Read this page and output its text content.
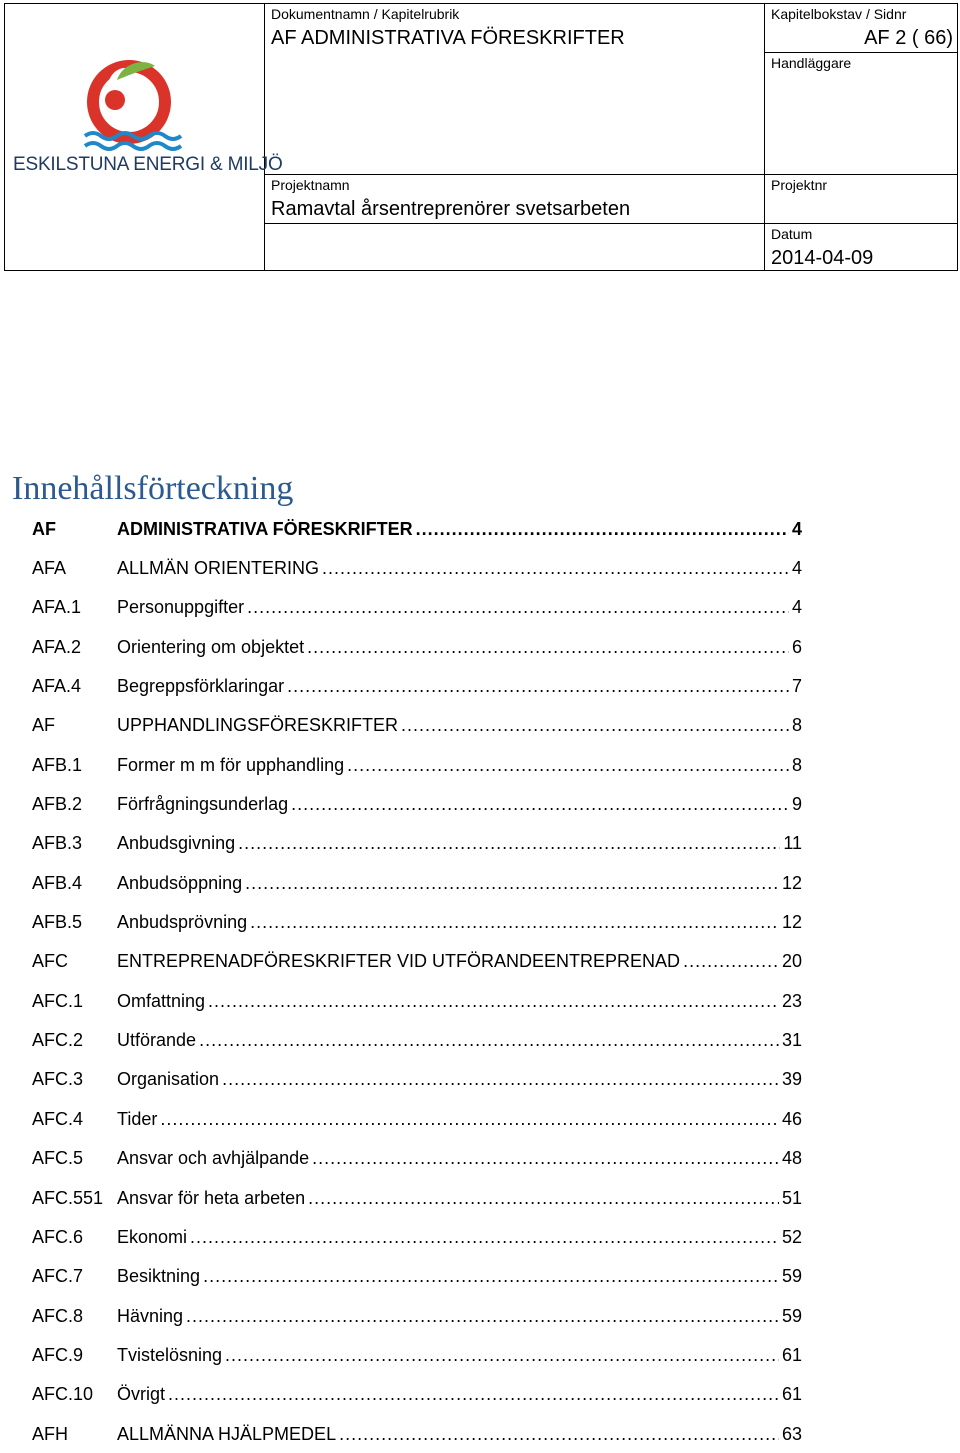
ESKILSTUNA ENERGI & MILJÖ
Dokumentnamn / Kapitelrubrik
AF ADMINISTRATIVA FÖRESKRIFTER
Kapitelbokstav / Sidnr
AF 2 ( 66)
Handläggare
Projektnamn
Ramavtal årsentreprenörer svetsarbeten
Projektnr
Datum
2014-04-09
Innehållsförteckning
AF	ADMINISTRATIVA FÖRESKRIFTER .....	4
AFA	ALLMÄN ORIENTERING .....	4
AFA.1	Personuppgifter .....	4
AFA.2	Orientering om objektet .....	6
AFA.4	Begreppsförklaringar .....	7
AF	UPPHANDLINGSFÖRESKRIFTER .....	8
AFB.1	Former m m för upphandling .....	8
AFB.2	Förfrågningsunderlag .....	9
AFB.3	Anbudsgivning .....	11
AFB.4	Anbudsöppning .....	12
AFB.5	Anbudsprövning .....	12
AFC	ENTREPRENADFÖRESKRIFTER VID UTFÖRANDEENTREPRENAD .....	20
AFC.1	Omfattning .....	23
AFC.2	Utförande .....	31
AFC.3	Organisation .....	39
AFC.4	Tider .....	46
AFC.5	Ansvar och avhjälpande .....	48
AFC.551 Ansvar för heta arbeten .....	51
AFC.6	Ekonomi .....	52
AFC.7	Besiktning .....	59
AFC.8	Hävning .....	59
AFC.9	Tvistelösning .....	61
AFC.10	Övrigt .....	61
AFH	ALLMÄNNA HJÄLPMEDEL .....	63
